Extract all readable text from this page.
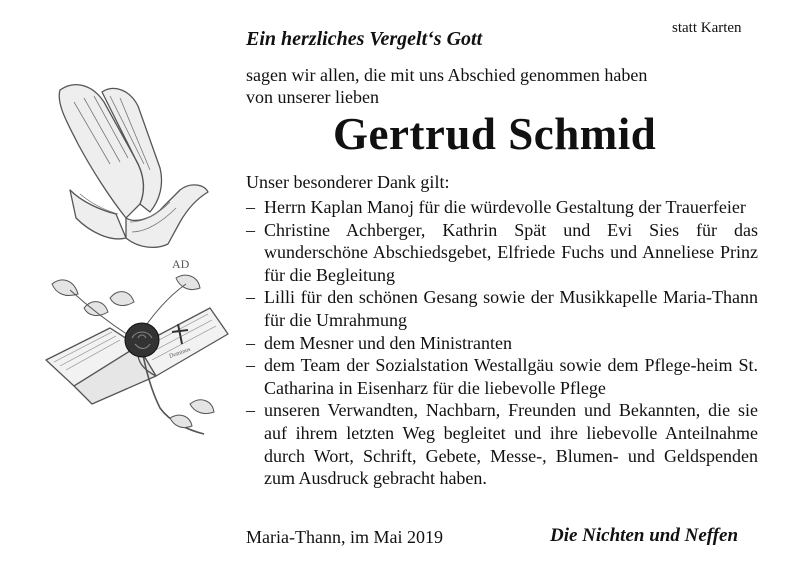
statt Karten
Ein herzliches Vergelt‘s Gott
sagen wir allen, die mit uns Abschied genommen haben
von unserer lieben
Gertrud Schmid
Unser besonderer Dank gilt:
– Herrn Kaplan Manoj für die würdevolle Gestaltung der Trauerfeier
– Christine Achberger, Kathrin Spät und Evi Sies für das wunderschöne Abschiedsgebet, Elfriede Fuchs und Anneliese Prinz für die Begleitung
– Lilli für den schönen Gesang sowie der Musikkapelle Maria-Thann für die Umrahmung
– dem Mesner und den Ministranten
– dem Team der Sozialstation Westallgäu sowie dem Pflege-heim St. Catharina in Eisenharz für die liebevolle Pflege
– unseren Verwandten, Nachbarn, Freunden und Bekannten, die sie auf ihrem letzten Weg begleitet und ihre liebevolle Anteilnahme durch Wort, Schrift, Gebete, Messe-, Blumen- und Geldspenden zum Ausdruck gebracht haben.
Maria-Thann, im Mai 2019	Die Nichten und Neffen
AD
Dominus
